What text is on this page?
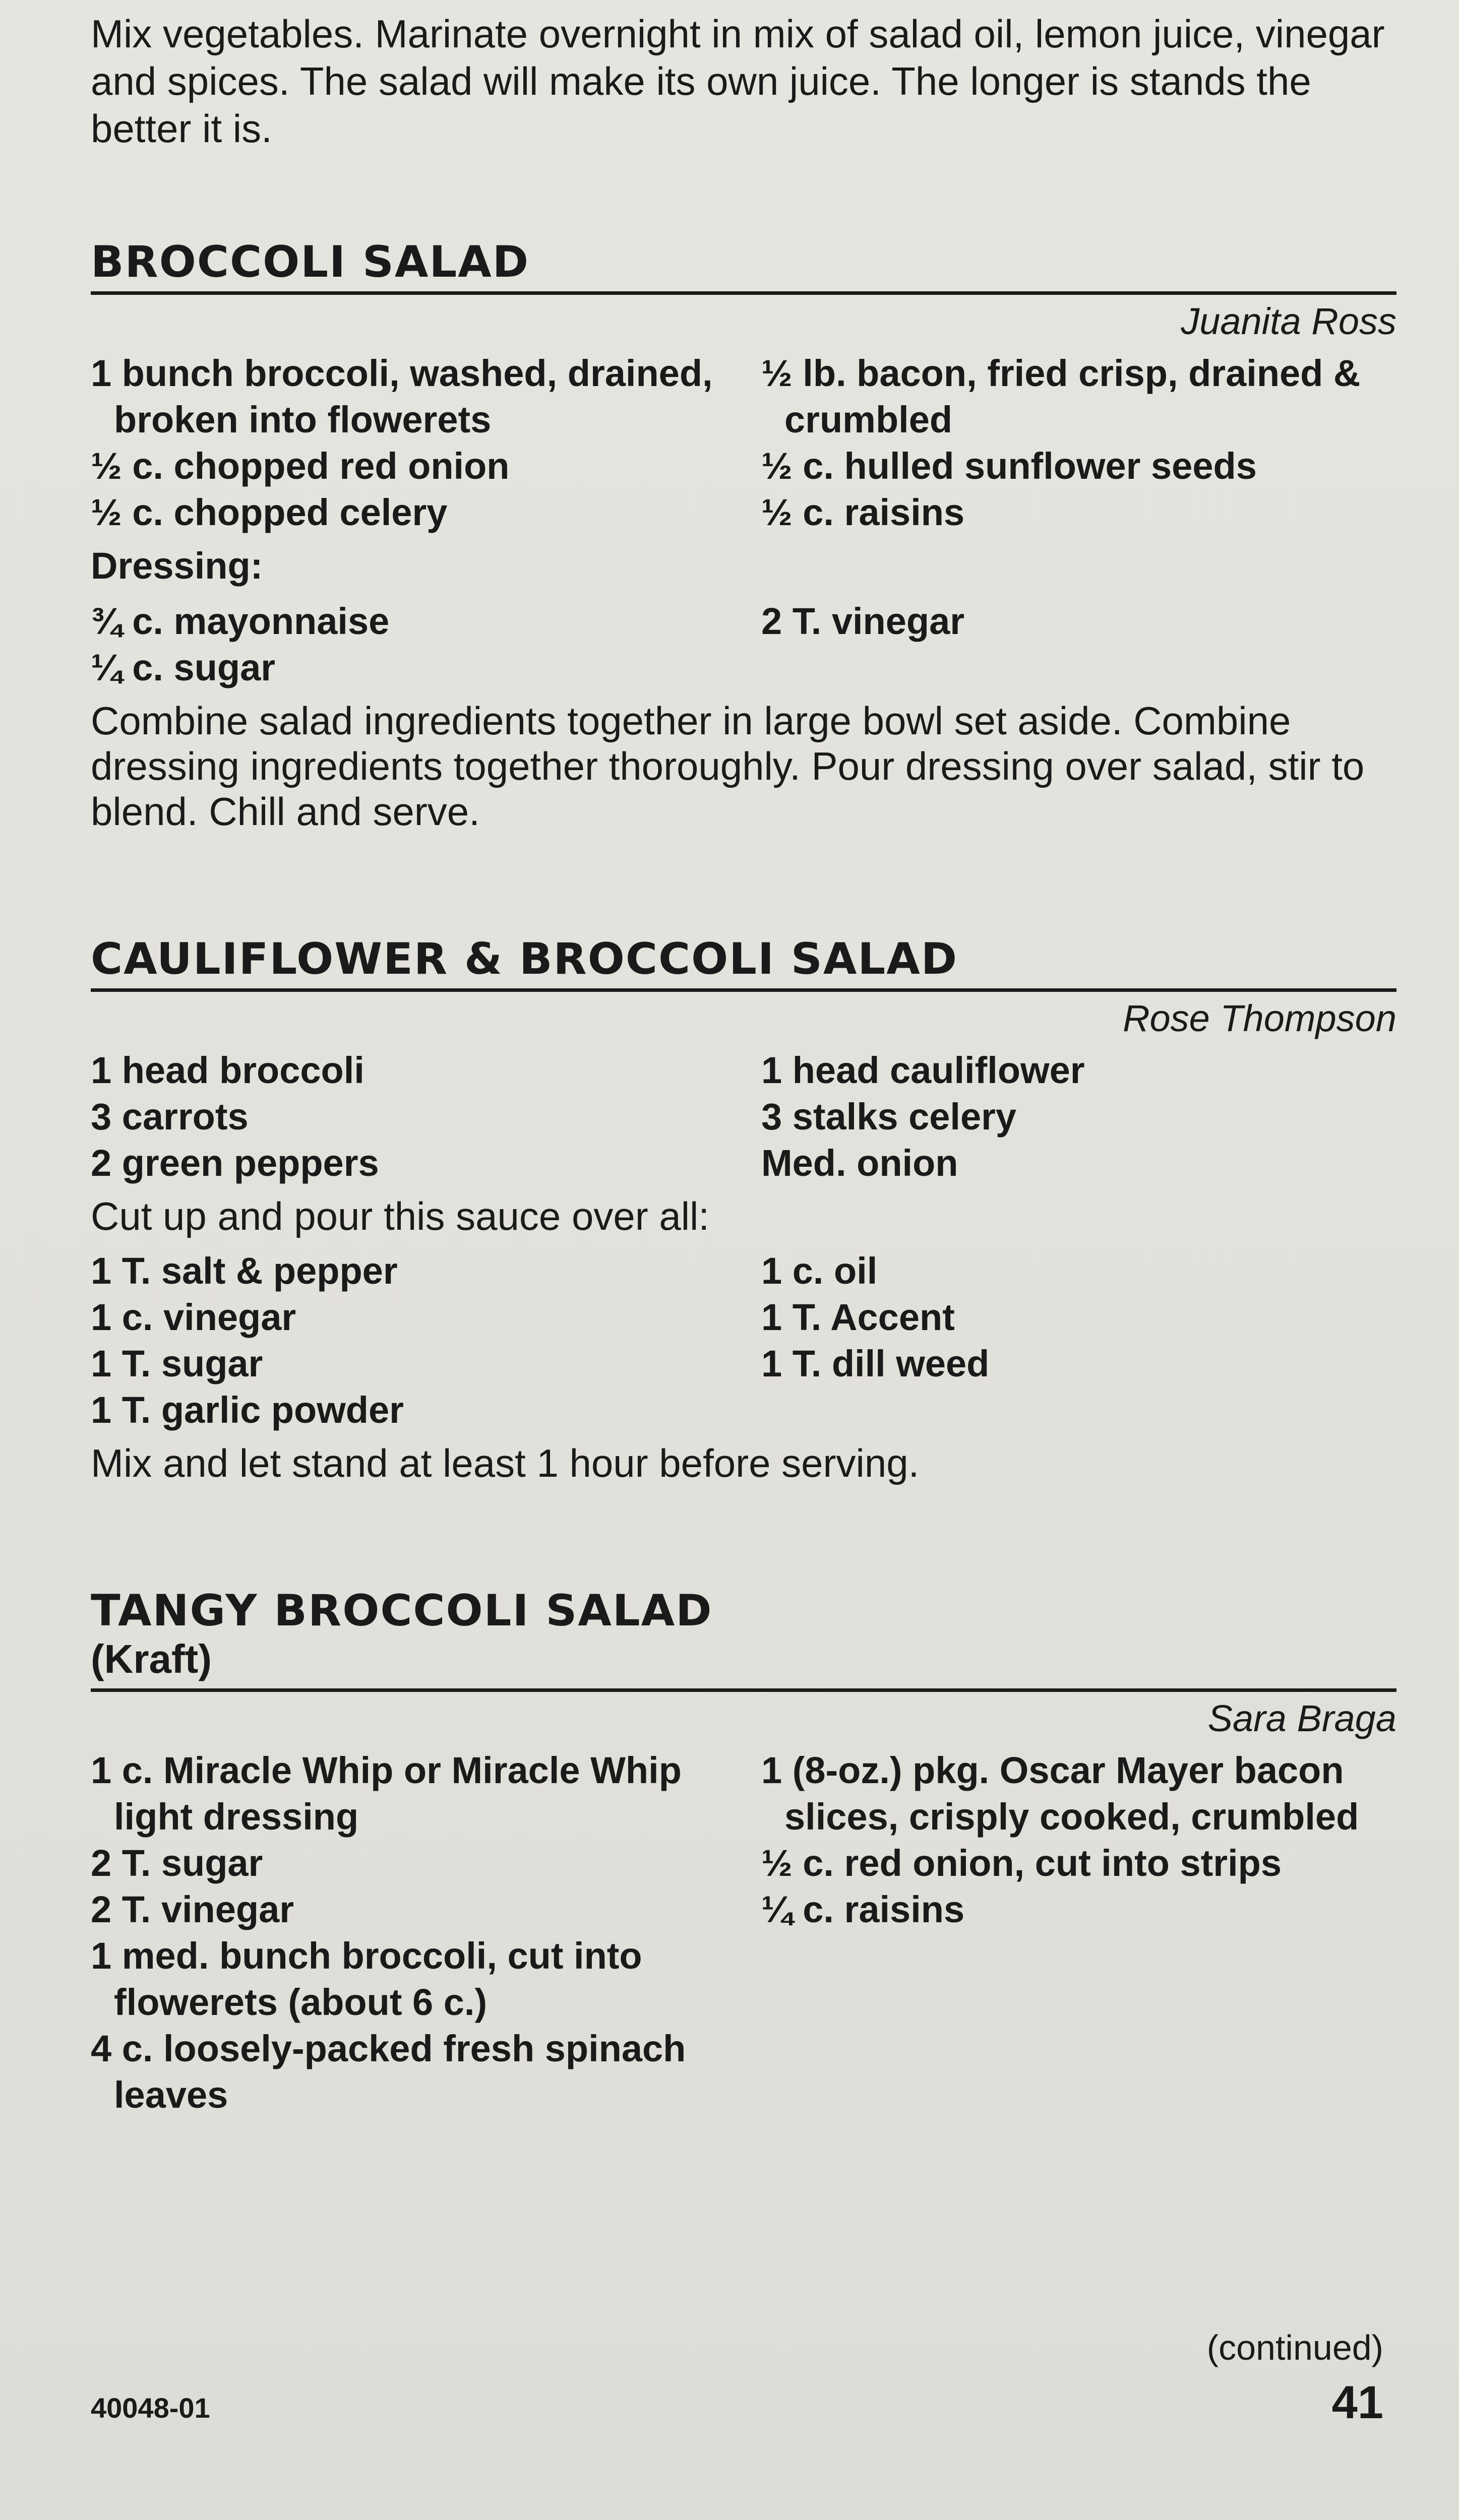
Mix vegetables. Marinate overnight in mix of salad oil, lemon juice, vinegar and spices. The salad will make its own juice. The longer is stands the better it is.

BROCCOLI SALAD
Juanita Ross

1 bunch broccoli, washed, drained, broken into flowerets

½ c. chopped red onion

½ c. chopped celery

½ lb. bacon, fried crisp, drained & crumbled

½ c. hulled sunflower seeds

½ c. raisins

Dressing:

¾ c. mayonnaise

¼ c. sugar

2 T. vinegar

Combine salad ingredients together in large bowl set aside. Combine dressing ingredients together thoroughly. Pour dressing over salad, stir to blend. Chill and serve.

CAULIFLOWER & BROCCOLI SALAD
Rose Thompson

1 head broccoli

3 carrots

2 green peppers

1 head cauliflower

3 stalks celery

Med. onion

Cut up and pour this sauce over all:

1 T. salt & pepper

1 c. vinegar

1 T. sugar

1 T. garlic powder

1 c. oil

1 T. Accent

1 T. dill weed

Mix and let stand at least 1 hour before serving.

TANGY BROCCOLI SALAD
(Kraft)
Sara Braga

1 c. Miracle Whip or Miracle Whip light dressing

2 T. sugar

2 T. vinegar

1 med. bunch broccoli, cut into flowerets (about 6 c.)

4 c. loosely-packed fresh spinach leaves

1 (8-oz.) pkg. Oscar Mayer bacon slices, crisply cooked, crumbled

½ c. red onion, cut into strips

¼ c. raisins

(continued)
40048-01	41
